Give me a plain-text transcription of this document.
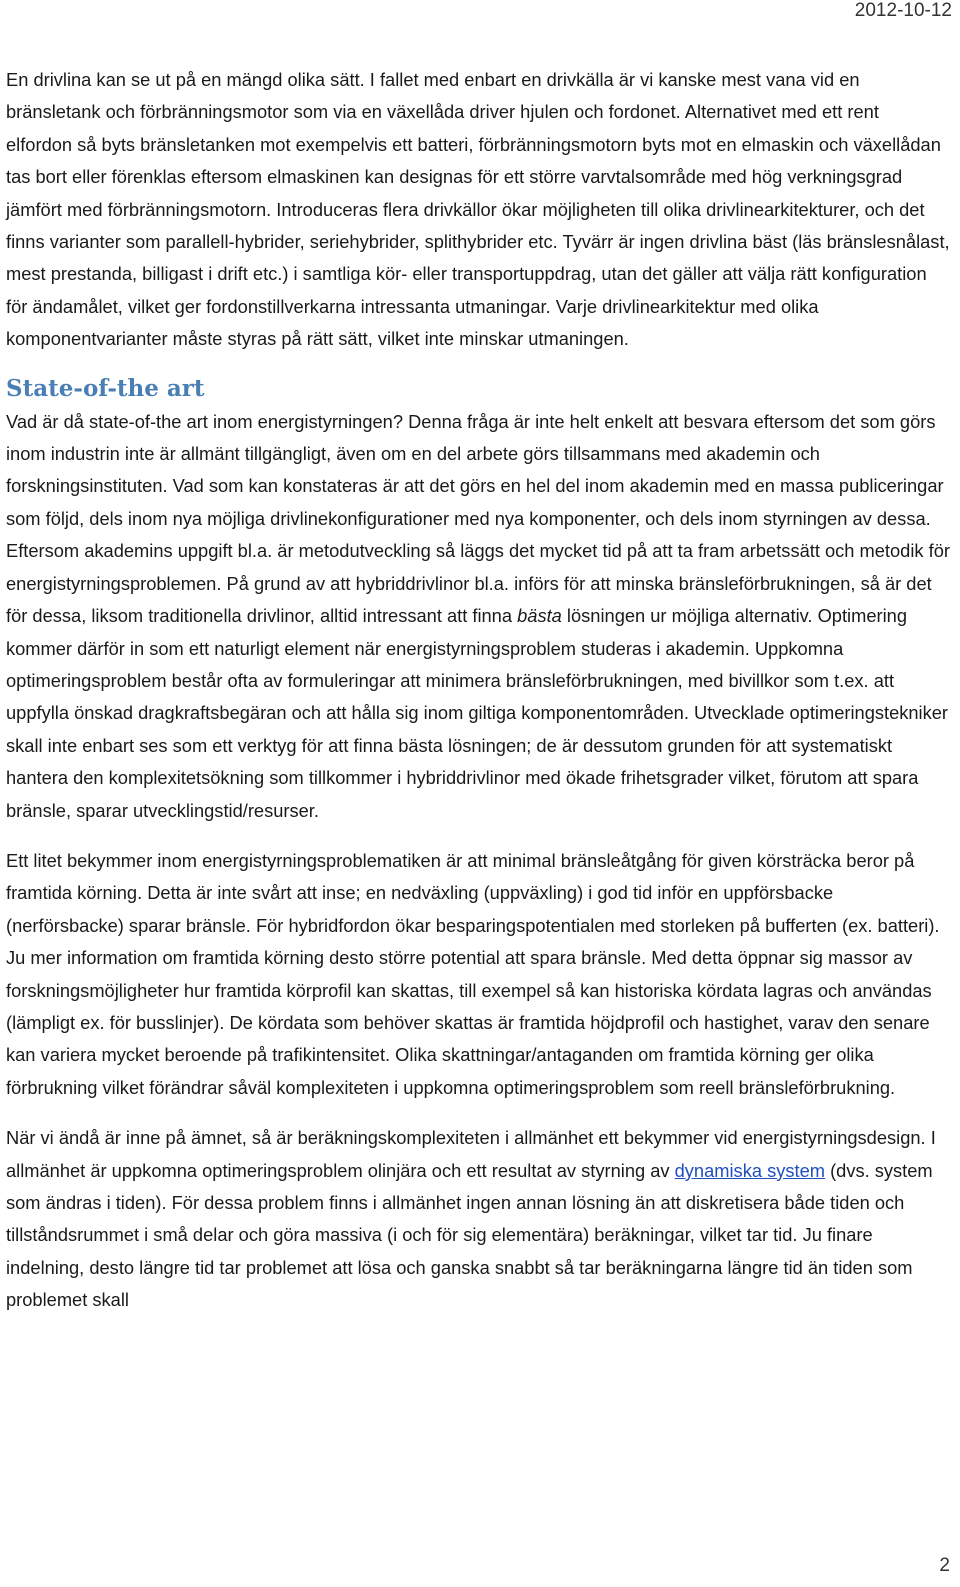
2012-10-12

En drivlina kan se ut på en mängd olika sätt. I fallet med enbart en drivkälla är vi kanske mest vana vid en bränsletank och förbränningsmotor som via en växellåda driver hjulen och fordonet. Alternativet med ett rent elfordon så byts bränsletanken mot exempelvis ett batteri, förbränningsmotorn byts mot en elmaskin och växellådan tas bort eller förenklas eftersom elmaskinen kan designas för ett större varvtalsområde med hög verkningsgrad jämfört med förbränningsmotorn. Introduceras flera drivkällor ökar möjligheten till olika drivlinearkitekturer, och det finns varianter som parallell-hybrider, seriehybrider, splithybrider etc. Tyvärr är ingen drivlina bäst (läs bränslesnålast, mest prestanda, billigast i drift etc.) i samtliga kör- eller transportuppdrag, utan det gäller att välja rätt konfiguration för ändamålet, vilket ger fordonstillverkarna intressanta utmaningar. Varje drivlinearkitektur med olika komponentvarianter måste styras på rätt sätt, vilket inte minskar utmaningen.

State-of-the art

Vad är då state-of-the art inom energistyrningen? Denna fråga är inte helt enkelt att besvara eftersom det som görs inom industrin inte är allmänt tillgängligt, även om en del arbete görs tillsammans med akademin och forskningsinstituten. Vad som kan konstateras är att det görs en hel del inom akademin med en massa publiceringar som följd, dels inom nya möjliga drivlinekonfigurationer med nya komponenter, och dels inom styrningen av dessa. Eftersom akademins uppgift bl.a. är metodutveckling så läggs det mycket tid på att ta fram arbetssätt och metodik för energistyrningsproblemen. På grund av att hybriddrivlinor bl.a. införs för att minska bränsleförbrukningen, så är det för dessa, liksom traditionella drivlinor, alltid intressant att finna bästa lösningen ur möjliga alternativ. Optimering kommer därför in som ett naturligt element när energistyrningsproblem studeras i akademin. Uppkomna optimeringsproblem består ofta av formuleringar att minimera bränsleförbrukningen, med bivillkor som t.ex. att uppfylla önskad dragkraftsbegäran och att hålla sig inom giltiga komponentområden. Utvecklade optimeringstekniker skall inte enbart ses som ett verktyg för att finna bästa lösningen; de är dessutom grunden för att systematiskt hantera den komplexitetsökning som tillkommer i hybriddrivlinor med ökade frihetsgrader vilket, förutom att spara bränsle, sparar utvecklingstid/resurser.

Ett litet bekymmer inom energistyrningsproblematiken är att minimal bränsleåtgång för given körsträcka beror på framtida körning. Detta är inte svårt att inse; en nedväxling (uppväxling) i god tid inför en uppförsbacke (nerförsbacke) sparar bränsle. För hybridfordon ökar besparingspotentialen med storleken på bufferten (ex. batteri). Ju mer information om framtida körning desto större potential att spara bränsle. Med detta öppnar sig massor av forskningsmöjligheter hur framtida körprofil kan skattas, till exempel så kan historiska kördata lagras och användas (lämpligt ex. för busslinjer). De kördata som behöver skattas är framtida höjdprofil och hastighet, varav den senare kan variera mycket beroende på trafikintensitet. Olika skattningar/antaganden om framtida körning ger olika förbrukning vilket förändrar såväl komplexiteten i uppkomna optimeringsproblem som reell bränsleförbrukning.

När vi ändå är inne på ämnet, så är beräkningskomplexiteten i allmänhet ett bekymmer vid energistyrningsdesign. I allmänhet är uppkomna optimeringsproblem olinjära och ett resultat av styrning av dynamiska system (dvs. system som ändras i tiden). För dessa problem finns i allmänhet ingen annan lösning än att diskretisera både tiden och tillståndsrummet i små delar och göra massiva (i och för sig elementära) beräkningar, vilket tar tid. Ju finare indelning, desto längre tid tar problemet att lösa och ganska snabbt så tar beräkningarna längre tid än tiden som problemet skall

2
